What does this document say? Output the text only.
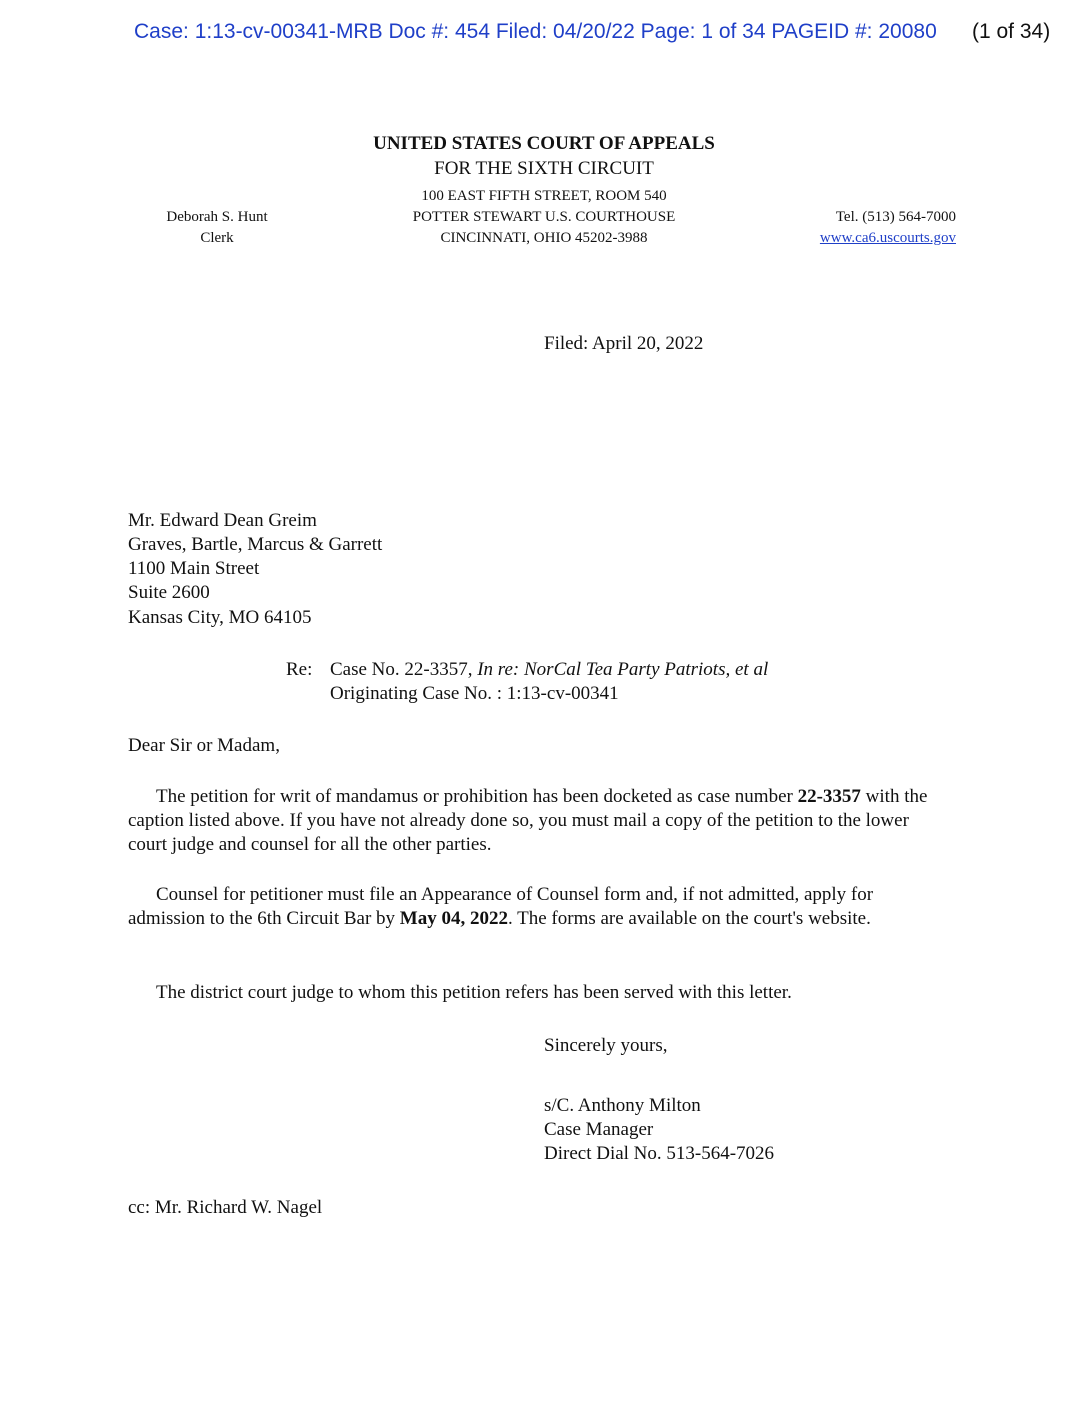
Case: 1:13-cv-00341-MRB Doc #: 454 Filed: 04/20/22 Page: 1 of 34 PAGEID #: 20080 (1 of 34)
UNITED STATES COURT OF APPEALS
FOR THE SIXTH CIRCUIT
100 EAST FIFTH STREET, ROOM 540
POTTER STEWART U.S. COURTHOUSE
CINCINNATI, OHIO 45202-3988
Deborah S. Hunt
Clerk
Tel. (513) 564-7000
www.ca6.uscourts.gov
Filed: April 20, 2022
Mr. Edward Dean Greim
Graves, Bartle, Marcus & Garrett
1100 Main Street
Suite 2600
Kansas City, MO 64105
Re: Case No. 22-3357, In re: NorCal Tea Party Patriots, et al
Originating Case No. : 1:13-cv-00341
Dear Sir or Madam,
The petition for writ of mandamus or prohibition has been docketed as case number 22-3357 with the caption listed above. If you have not already done so, you must mail a copy of the petition to the lower court judge and counsel for all the other parties.
Counsel for petitioner must file an Appearance of Counsel form and, if not admitted, apply for admission to the 6th Circuit Bar by May 04, 2022. The forms are available on the court's website.
The district court judge to whom this petition refers has been served with this letter.
Sincerely yours,
s/C. Anthony Milton
Case Manager
Direct Dial No. 513-564-7026
cc: Mr. Richard W. Nagel
